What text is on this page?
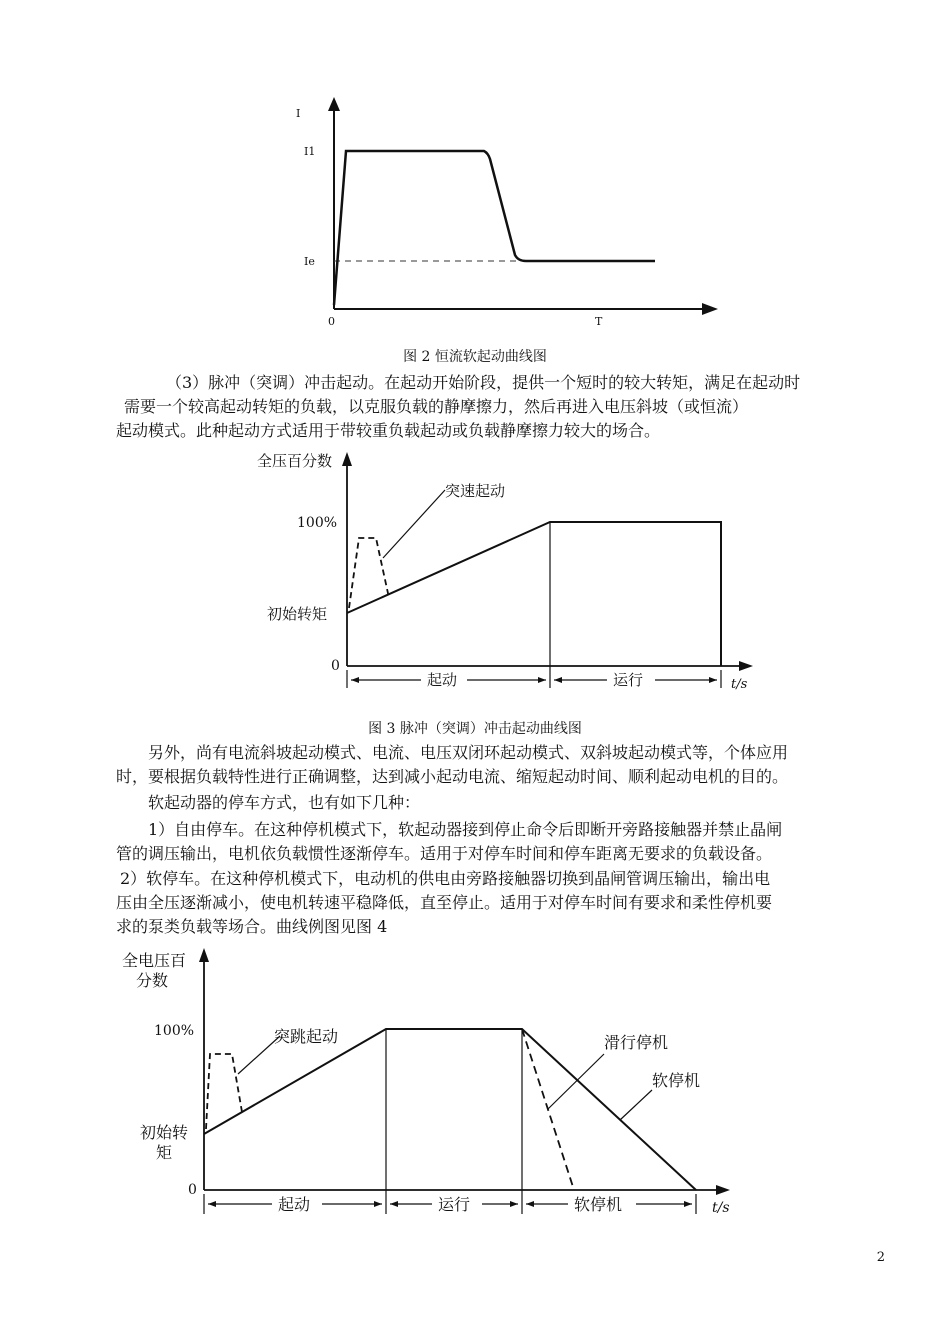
I
I1
Ie
0	T
图 2 恒流软起动曲线图

（3）脉冲（突调）冲击起动。在起动开始阶段，提供一个短时的较大转矩，满足在起动时
需要一个较高起动转矩的负载，以克服负载的静摩擦力，然后再进入电压斜坡（或恒流）
起动模式。此种起动方式适用于带较重负载起动或负载静摩擦力较大的场合。

全压百分数
100%
初始转矩
0
突速起动
起动	运行	t/s
图 3 脉冲（突调）冲击起动曲线图

另外，尚有电流斜坡起动模式、电流、电压双闭环起动模式、双斜坡起动模式等，个体应用
时，要根据负载特性进行正确调整，达到减小起动电流、缩短起动时间、顺利起动电机的目的。

软起动器的停车方式，也有如下几种：

1）自由停车。在这种停机模式下，软起动器接到停止命令后即断开旁路接触器并禁止晶闸
管的调压输出，电机依负载惯性逐渐停车。适用于对停车时间和停车距离无要求的负载设备。

2）软停车。在这种停机模式下，电动机的供电由旁路接触器切换到晶闸管调压输出，输出电
压由全压逐渐减小，使电机转速平稳降低，直至停止。适用于对停车时间有要求和柔性停机要
求的泵类负载等场合。曲线例图见图 4

全电压百
分数
100%
初始转
矩
0
突跳起动	滑行停机
软停机
起动	运行	软停机	t/s
2
